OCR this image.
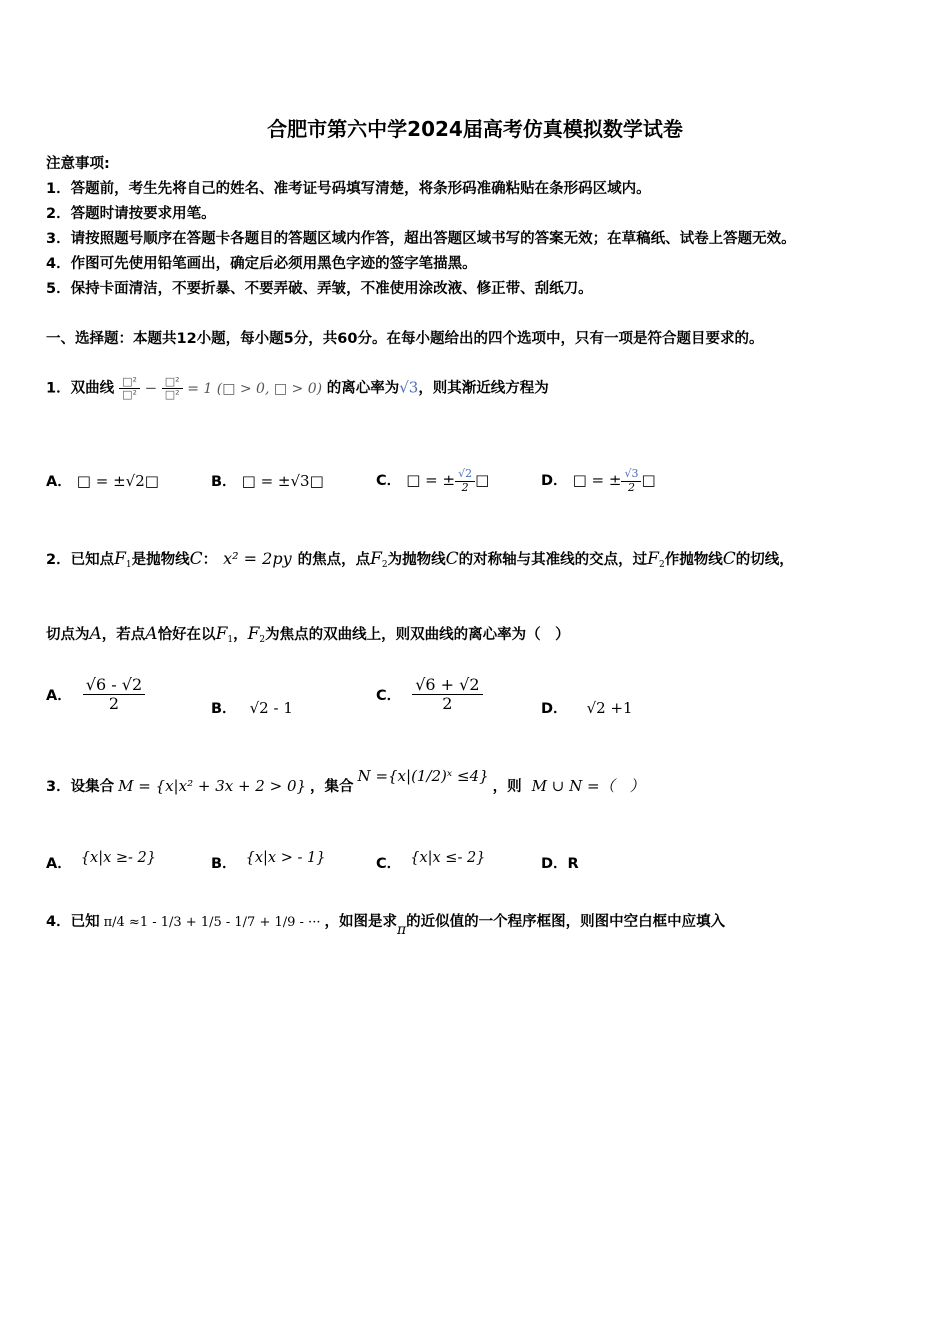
合肥市第六中学2024届高考仿真模拟数学试卷
注意事项:
1．答题前，考生先将自己的姓名、准考证号码填写清楚，将条形码准确粘贴在条形码区域内。
2．答题时请按要求用笔。
3．请按照题号顺序在答题卡各题目的答题区域内作答，超出答题区域书写的答案无效；在草稿纸、试卷上答题无效。
4．作图可先使用铅笔画出，确定后必须用黑色字迹的签字笔描黑。
5．保持卡面清洁，不要折暴、不要弄破、弄皱，不准使用涂改液、修正带、刮纸刀。
一、选择题：本题共12小题，每小题5分，共60分。在每小题给出的四个选项中，只有一项是符合题目要求的。
1．双曲线 $\frac{\text{□²}}{\text{□²}} - \frac{\text{□²}}{\text{□²}} = 1$ (□ > 0, □ > 0) 的离心率为√3，则其渐近线方程为
A． □ = ±√2□	B． □ = ±√3□	C． □ = ± $\frac{√2}{2}$ □	D． □ = ± $\frac{√3}{2}$ □
2．已知点$F_1$是抛物线C： x² = 2py 的焦点，点$F_2$为抛物线C的对称轴与其准线的交点，过$F_2$作抛物线C的切线，
切点为A，若点A恰好在以$F_1$，$F_2$为焦点的双曲线上，则双曲线的离心率为（　）
A． $\frac{√6 - √2}{2}$	B． √2 - 1
C． $\frac{√6 + √2}{2}$	D． √2 +1
3．设集合 M = {x|x² + 3x + 2 > 0} ，集合N ={x|(1/2)ˣ ≤4}，则 M ∪ N =（　）
A． {x|x ≥- 2}	B． {x|x > - 1}	C． {x|x ≤- 2}	D．R
4．已知 π/4 ≈1 - 1/3 + 1/5 - 1/7 + 1/9 - ··· ，如图是求π的近似值的一个程序框图，则图中空白框中应填入
